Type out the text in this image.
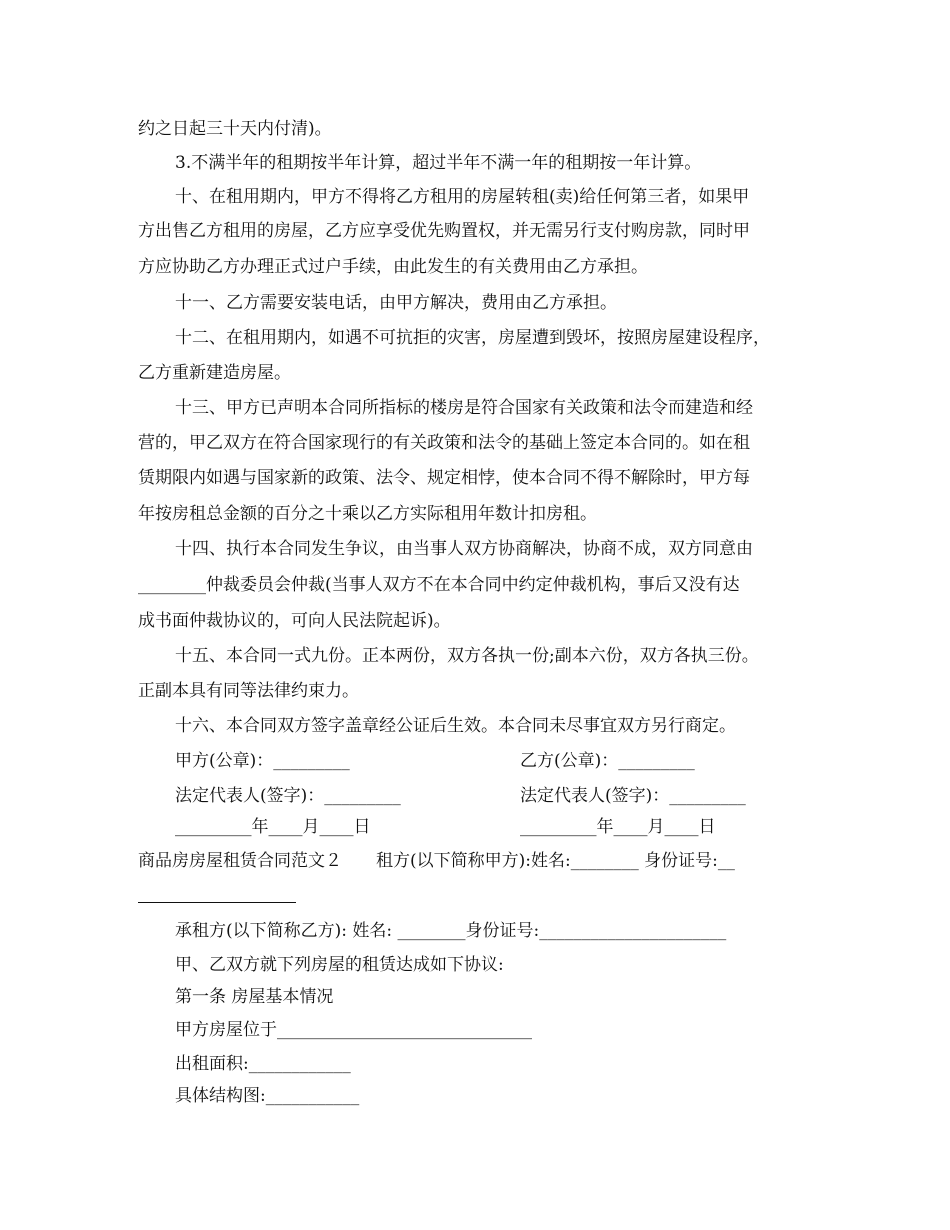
约之日起三十天内付清)。
3.不满半年的租期按半年计算，超过半年不满一年的租期按一年计算。
十、在租用期内，甲方不得将乙方租用的房屋转租(卖)给任何第三者，如果甲
方出售乙方租用的房屋，乙方应享受优先购置权，并无需另行支付购房款，同时甲
方应协助乙方办理正式过户手续，由此发生的有关费用由乙方承担。
十一、乙方需要安装电话，由甲方解决，费用由乙方承担。
十二、在租用期内，如遇不可抗拒的灾害，房屋遭到毁坏，按照房屋建设程序，
乙方重新建造房屋。
十三、甲方已声明本合同所指标的楼房是符合国家有关政策和法令而建造和经
营的，甲乙双方在符合国家现行的有关政策和法令的基础上签定本合同的。如在租
赁期限内如遇与国家新的政策、法令、规定相悖，使本合同不得不解除时，甲方每
年按房租总金额的百分之十乘以乙方实际租用年数计扣房租。
十四、执行本合同发生争议，由当事人双方协商解决，协商不成，双方同意由
________仲裁委员会仲裁(当事人双方不在本合同中约定仲裁机构，事后又没有达
成书面仲裁协议的，可向人民法院起诉)。
十五、本合同一式九份。正本两份，双方各执一份;副本六份，双方各执三份。
正副本具有同等法律约束力。
十六、本合同双方签字盖章经公证后生效。本合同未尽事宜双方另行商定。
甲方(公章)：_________	乙方(公章)：_________
法定代表人(签字)：_________	法定代表人(签字)：_________
_________年____月____日	_________年____月____日
商品房房屋租赁合同范文２　　租方(以下简称甲方):姓名:________ 身份证号:__
承租方(以下简称乙方): 姓名: ________身份证号:______________________
甲、乙双方就下列房屋的租赁达成如下协议:
第一条 房屋基本情况
甲方房屋位于______________________________
出租面积:____________
具体结构图:___________
